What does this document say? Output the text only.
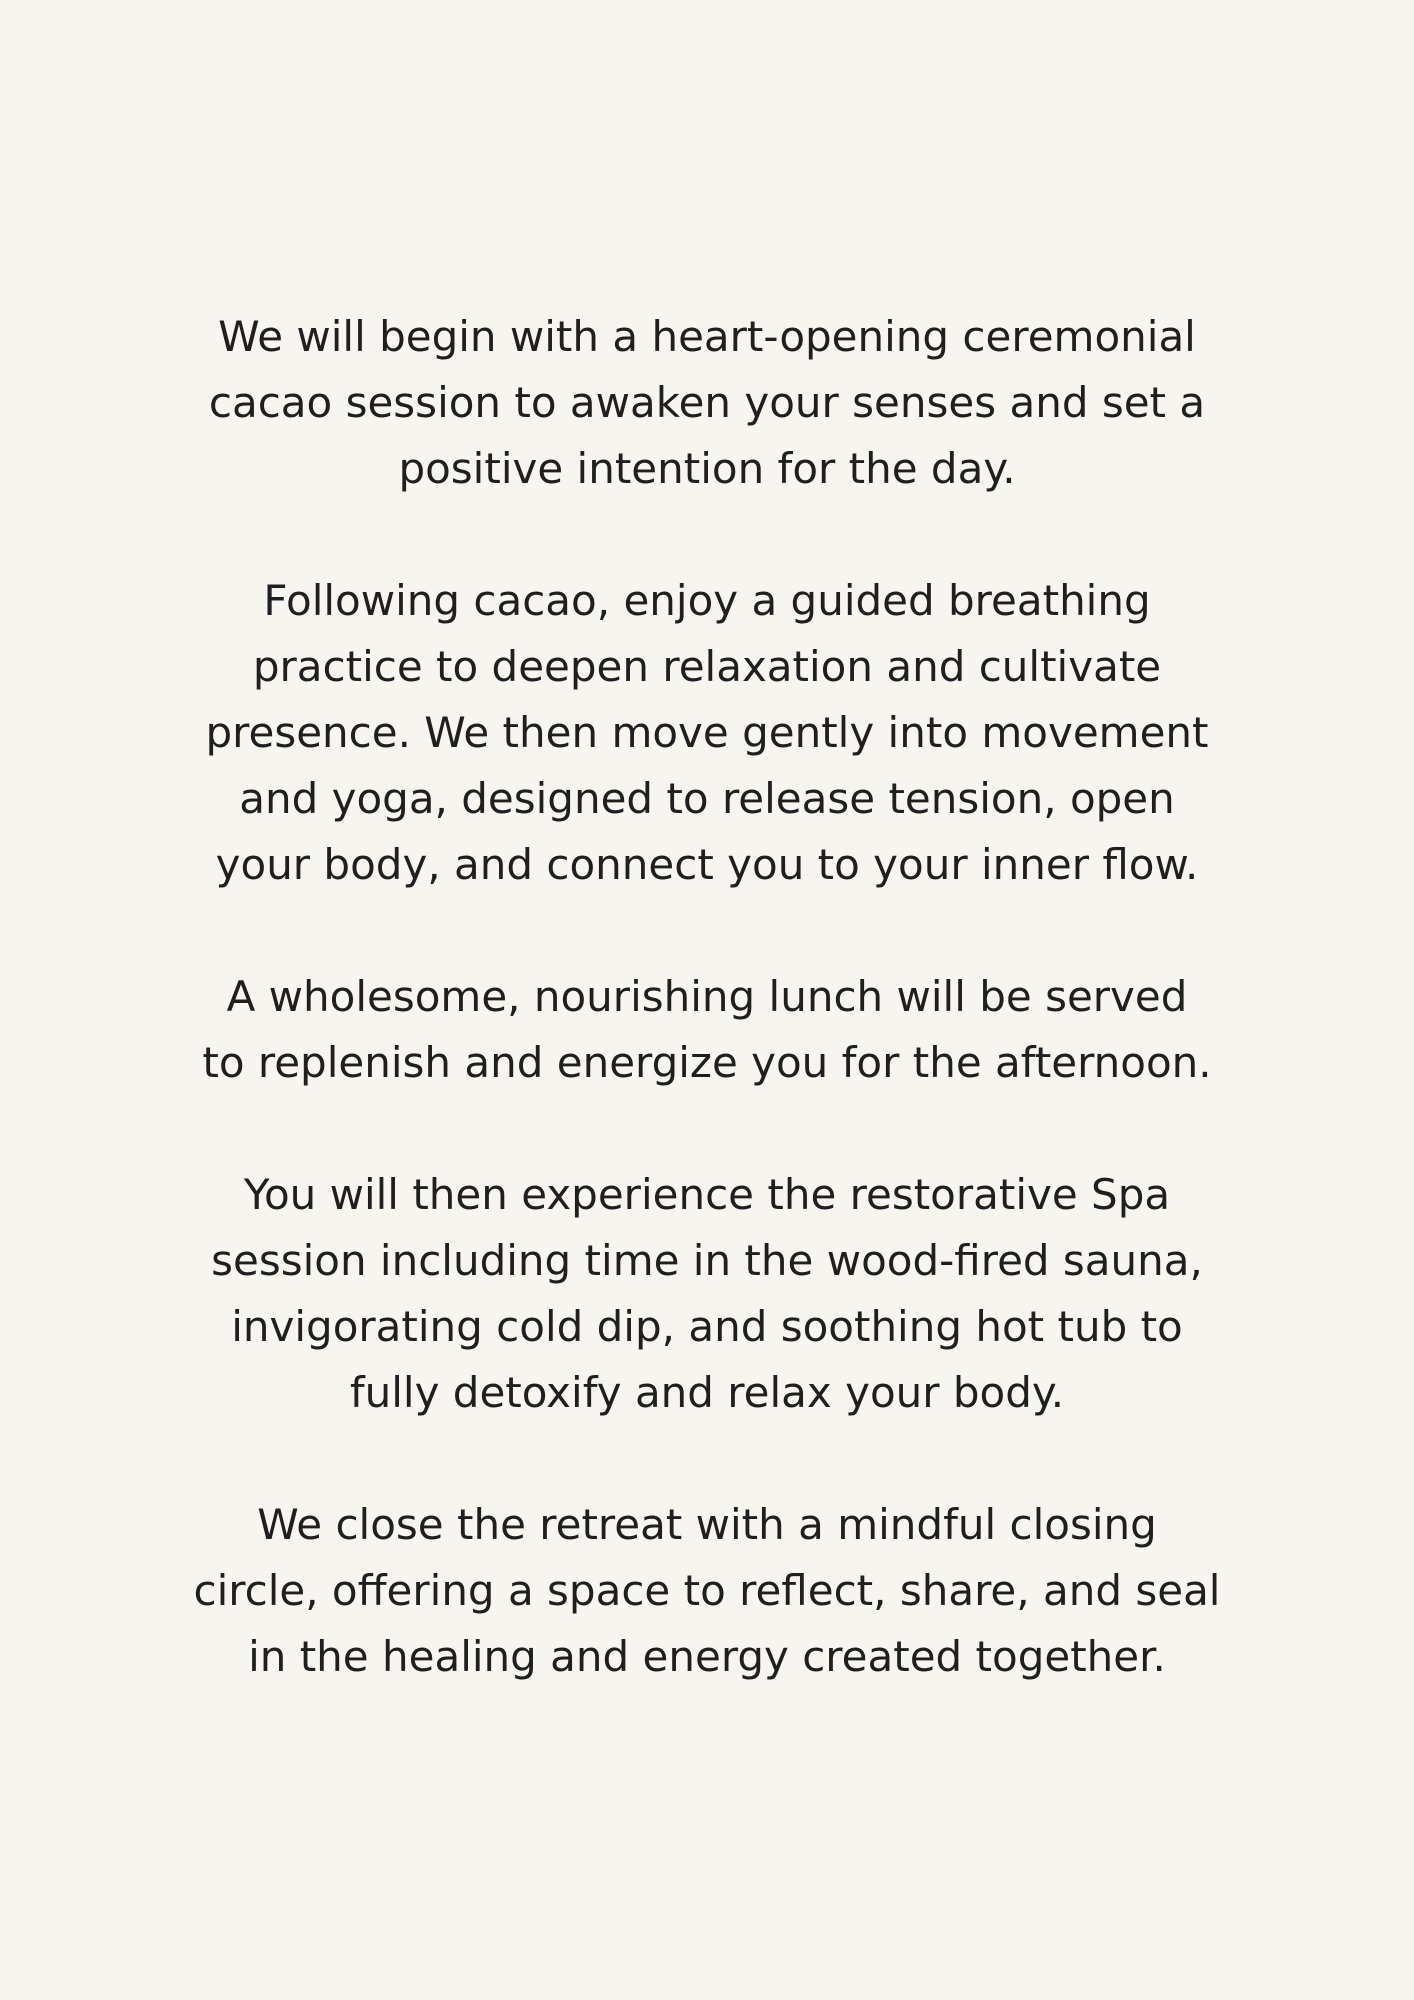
We will begin with a heart-opening ceremonial
cacao session to awaken your senses and set a
positive intention for the day.

Following cacao, enjoy a guided breathing
practice to deepen relaxation and cultivate
presence. We then move gently into movement
and yoga, designed to release tension, open
your body, and connect you to your inner flow.

A wholesome, nourishing lunch will be served
to replenish and energize you for the afternoon.

You will then experience the restorative Spa
session including time in the wood-fired sauna,
invigorating cold dip, and soothing hot tub to
fully detoxify and relax your body.

We close the retreat with a mindful closing
circle, offering a space to reflect, share, and seal
in the healing and energy created together.
